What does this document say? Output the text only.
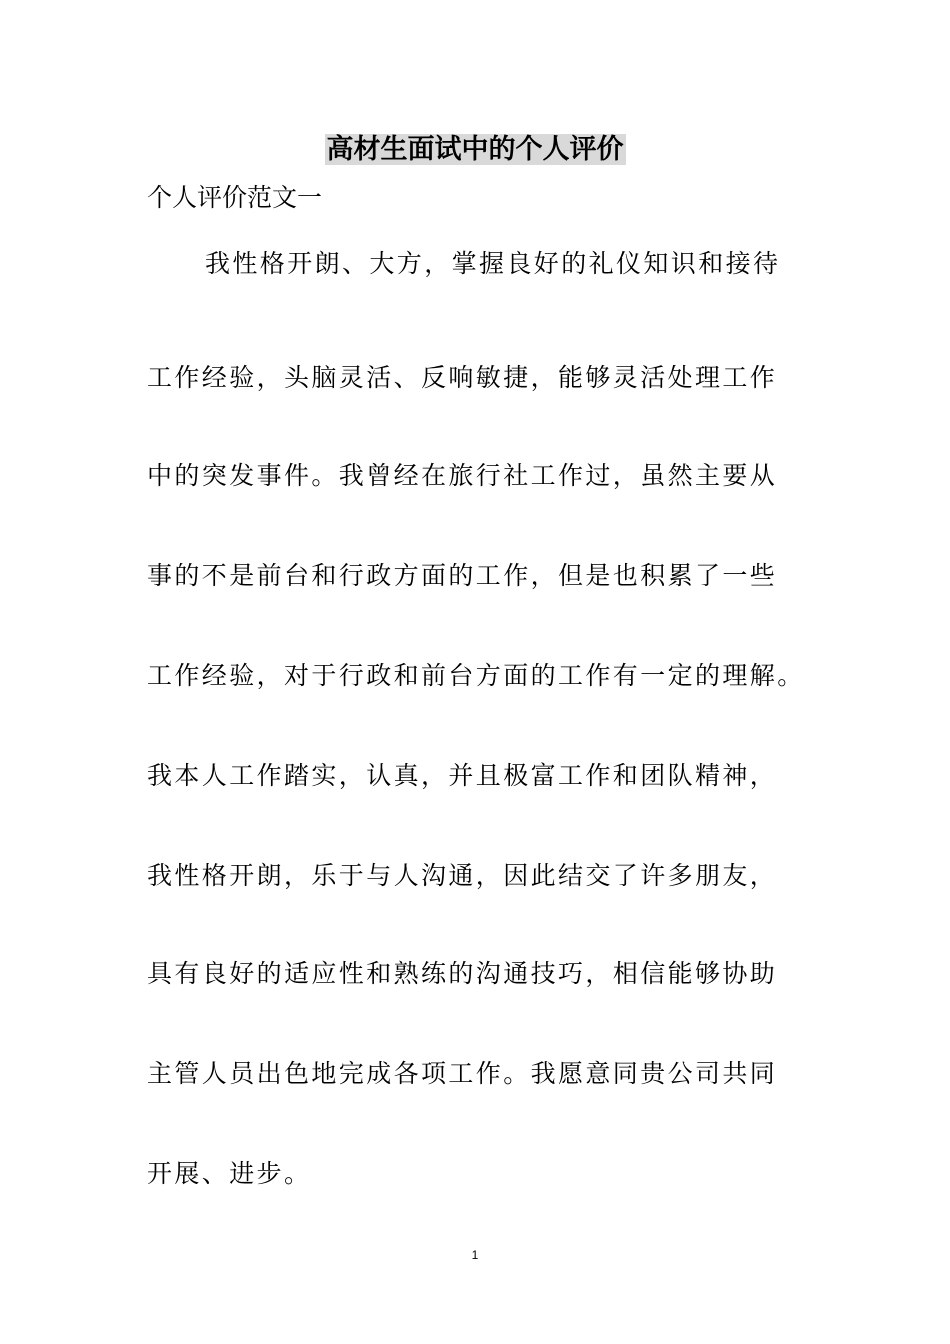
高材生面试中的个人评价

个人评价范文一

我性格开朗、大方，掌握良好的礼仪知识和接待

工作经验，头脑灵活、反响敏捷，能够灵活处理工作

中的突发事件。我曾经在旅行社工作过，虽然主要从

事的不是前台和行政方面的工作，但是也积累了一些

工作经验，对于行政和前台方面的工作有一定的理解。

我本人工作踏实，认真，并且极富工作和团队精神，

我性格开朗，乐于与人沟通，因此结交了许多朋友，

具有良好的适应性和熟练的沟通技巧，相信能够协助

主管人员出色地完成各项工作。我愿意同贵公司共同

开展、进步。

1
